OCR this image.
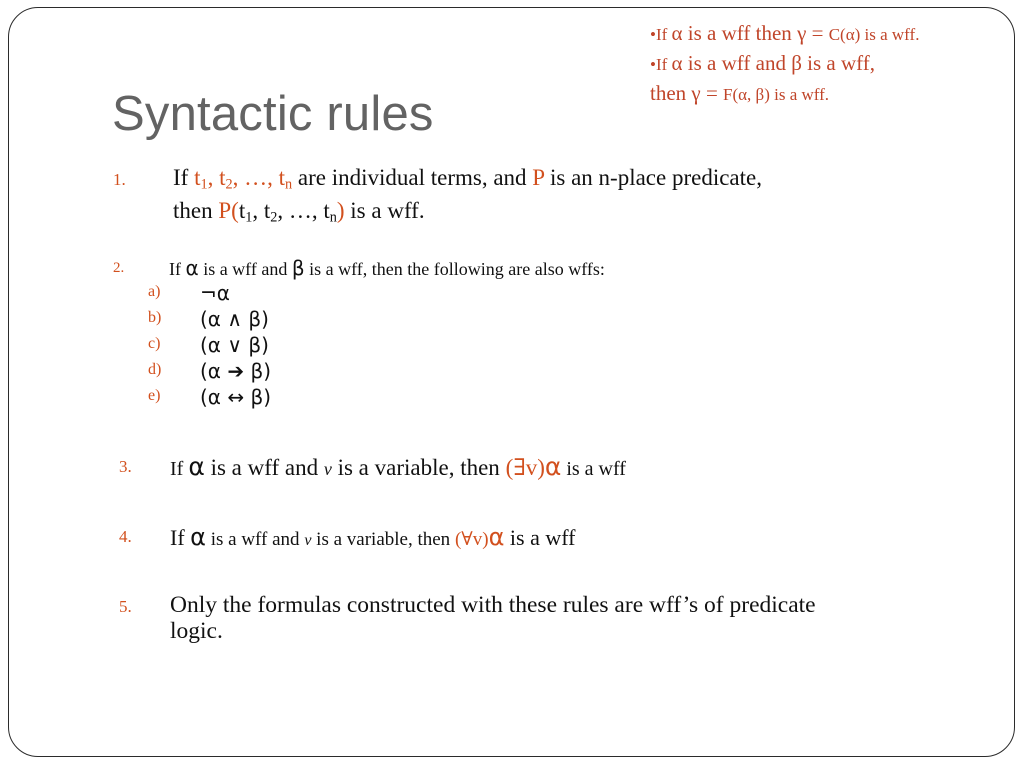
•If α is a wff then γ = C(α) is a wff.

•If α is a wff and β is a wff,
then γ = F(α, β) is a wff.

Syntactic rules
1. If $t_1$, $t_2$, …, $t_n$ are individual terms, and P is an n-place predicate,
then $P(t_1$, $t_2$, …, $t_n$) is a wff.
2. If α is a wff and β is a wff, then the following are also wffs:
a) ¬α
b) (α ∧ β)
c) (α ∨ β)
d) (α ➔ β)
e) (α ↔ β)
3. If α is a wff and v is a variable, then (∃v)α is a wff
4. If α is a wff and v is a variable, then (∀v)α is a wff
5. Only the formulas constructed with these rules are wff’s of predicate
logic.
